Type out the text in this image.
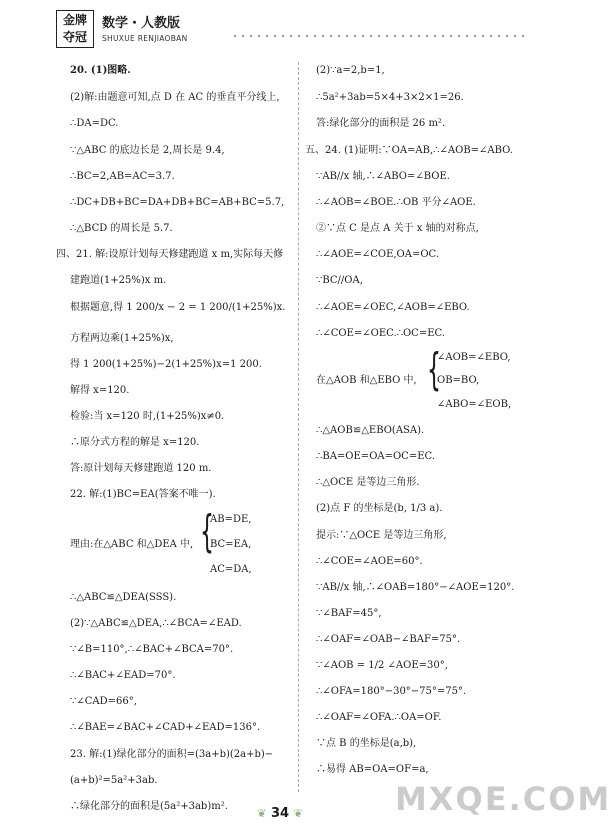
金牌
夺冠
数学・人教版
SHUXUE RENJIAOBAN
{
{
20. (1)图略.
(2)解:由题意可知,点 D 在 AC 的垂直平分线上,
∴DA=DC.
∵△ABC 的底边长是 2,周长是 9.4,
∴BC=2,AB=AC=3.7.
∴DC+DB+BC=DA+DB+BC=AB+BC=5.7,
∴△BCD 的周长是 5.7.
四、21. 解:设原计划每天修建跑道 x m,实际每天修
建跑道(1+25%)x m.
根据题意,得 1 200/x − 2 = 1 200/(1+25%)x.
方程两边乘(1+25%)x,
得 1 200(1+25%)−2(1+25%)x=1 200.
解得 x=120.
检验:当 x=120 时,(1+25%)x≠0.
∴原分式方程的解是 x=120.
答:原计划每天修建跑道 120 m.
22. 解:(1)BC=EA(答案不唯一).
AB=DE,
理由:在△ABC 和△DEA 中, BC=EA,
AC=DA,
∴△ABC≌△DEA(SSS).
(2)∵△ABC≌△DEA,∴∠BCA=∠EAD.
∵∠B=110°,∴∠BAC+∠BCA=70°.
∴∠BAC+∠EAD=70°.
∵∠CAD=66°,
∴∠BAE=∠BAC+∠CAD+∠EAD=136°.
23. 解:(1)绿化部分的面积=(3a+b)(2a+b)−
(a+b)²=5a²+3ab.
∴绿化部分的面积是(5a²+3ab)m².
(2)∵a=2,b=1,
∴5a²+3ab=5×4+3×2×1=26.
答:绿化部分的面积是 26 m².
五、24. (1)证明:∵OA=AB,∴∠AOB=∠ABO.
∵AB//x 轴,∴∠ABO=∠BOE.
∴∠AOB=∠BOE.∴OB 平分∠AOE.
②∵点 C 是点 A 关于 x 轴的对称点,
∴∠AOE=∠COE,OA=OC.
∵BC//OA,
∴∠AOE=∠OEC,∠AOB=∠EBO.
∴∠COE=∠OEC.∴OC=EC.
∠AOB=∠EBO,
在△AOB 和△EBO 中, OB=BO,
∠ABO=∠EOB,
∴△AOB≌△EBO(ASA).
∴BA=OE=OA=OC=EC.
∴△OCE 是等边三角形.
(2)点 F 的坐标是(b, 1/3 a).
提示:∵△OCE 是等边三角形,
∴∠COE=∠AOE=60°.
∵AB//x 轴,∴∠OAB=180°−∠AOE=120°.
∵∠BAF=45°,
∴∠OAF=∠OAB−∠BAF=75°.
∵∠AOB = 1/2 ∠AOE=30°,
∴∠OFA=180°−30°−75°=75°.
∴∠OAF=∠OFA.∴OA=OF.
∵点 B 的坐标是(a,b),
∴易得 AB=OA=OF=a,
❦ 34 ❦	MXQE.COM
